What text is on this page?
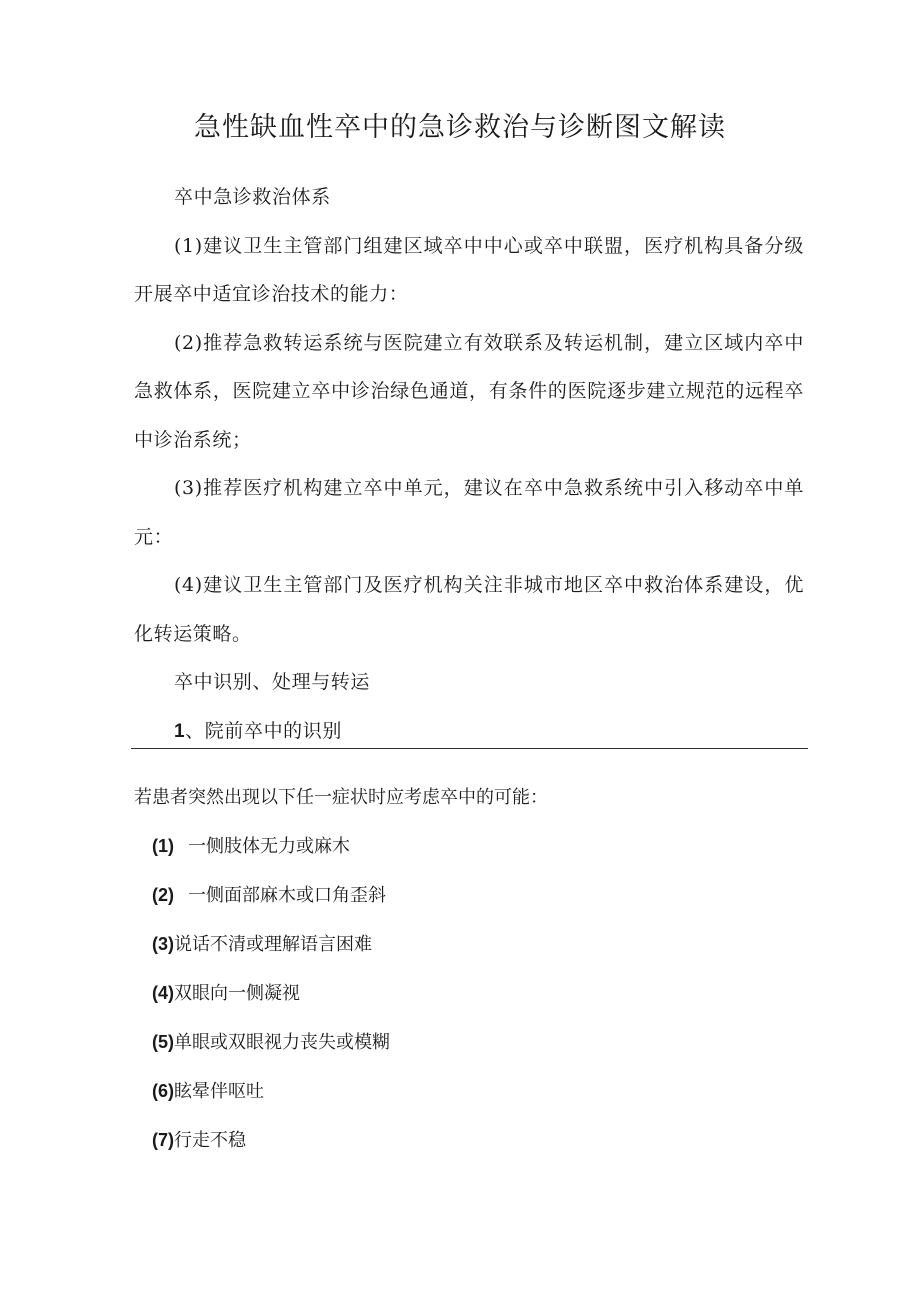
急性缺血性卒中的急诊救治与诊断图文解读

卒中急诊救治体系

(1)建议卫生主管部门组建区域卒中中心或卒中联盟，医疗机构具备分级开展卒中适宜诊治技术的能力：

(2)推荐急救转运系统与医院建立有效联系及转运机制，建立区域内卒中急救体系，医院建立卒中诊治绿色通道，有条件的医院逐步建立规范的远程卒中诊治系统；

(3)推荐医疗机构建立卒中单元，建议在卒中急救系统中引入移动卒中单元：

(4)建议卫生主管部门及医疗机构关注非城市地区卒中救治体系建设，优化转运策略。

卒中识别、处理与转运

1、院前卒中的识别

若患者突然出现以下任一症状时应考虑卒中的可能：

(1) 一侧肢体无力或麻木

(2) 一侧面部麻木或口角歪斜

(3)说话不清或理解语言困难

(4)双眼向一侧凝视

(5)单眼或双眼视力丧失或模糊

(6)眩晕伴呕吐

(7)行走不稳
